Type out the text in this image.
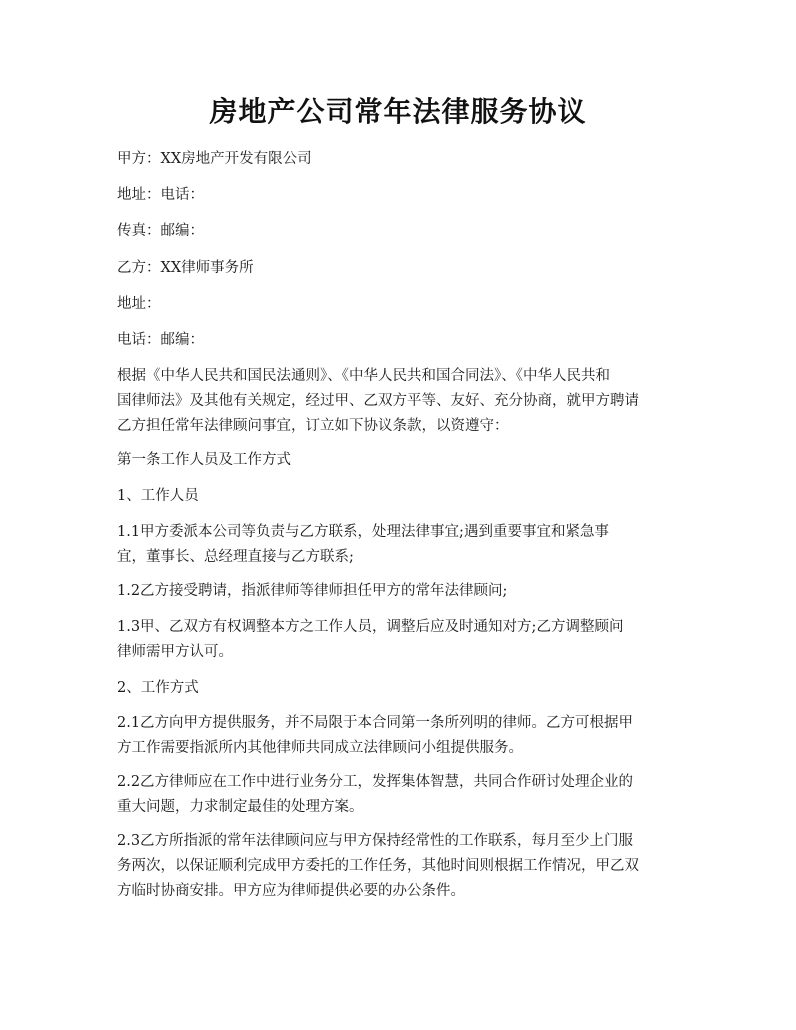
房地产公司常年法律服务协议

甲方：XX房地产开发有限公司

地址：电话：

传真：邮编：

乙方：XX律师事务所

地址：

电话：邮编：

根据《中华人民共和国民法通则》、《中华人民共和国合同法》、《中华人民共和
国律师法》及其他有关规定，经过甲、乙双方平等、友好、充分协商，就甲方聘请
乙方担任常年法律顾问事宜，订立如下协议条款，以资遵守：

第一条工作人员及工作方式

1、工作人员

1.1甲方委派本公司等负责与乙方联系，处理法律事宜;遇到重要事宜和紧急事
宜，董事长、总经理直接与乙方联系;

1.2乙方接受聘请，指派律师等律师担任甲方的常年法律顾问;

1.3甲、乙双方有权调整本方之工作人员，调整后应及时通知对方;乙方调整顾问
律师需甲方认可。

2、工作方式

2.1乙方向甲方提供服务，并不局限于本合同第一条所列明的律师。乙方可根据甲
方工作需要指派所内其他律师共同成立法律顾问小组提供服务。

2.2乙方律师应在工作中进行业务分工，发挥集体智慧，共同合作研讨处理企业的
重大问题，力求制定最佳的处理方案。

2.3乙方所指派的常年法律顾问应与甲方保持经常性的工作联系，每月至少上门服
务两次，以保证顺利完成甲方委托的工作任务，其他时间则根据工作情况，甲乙双
方临时协商安排。甲方应为律师提供必要的办公条件。
